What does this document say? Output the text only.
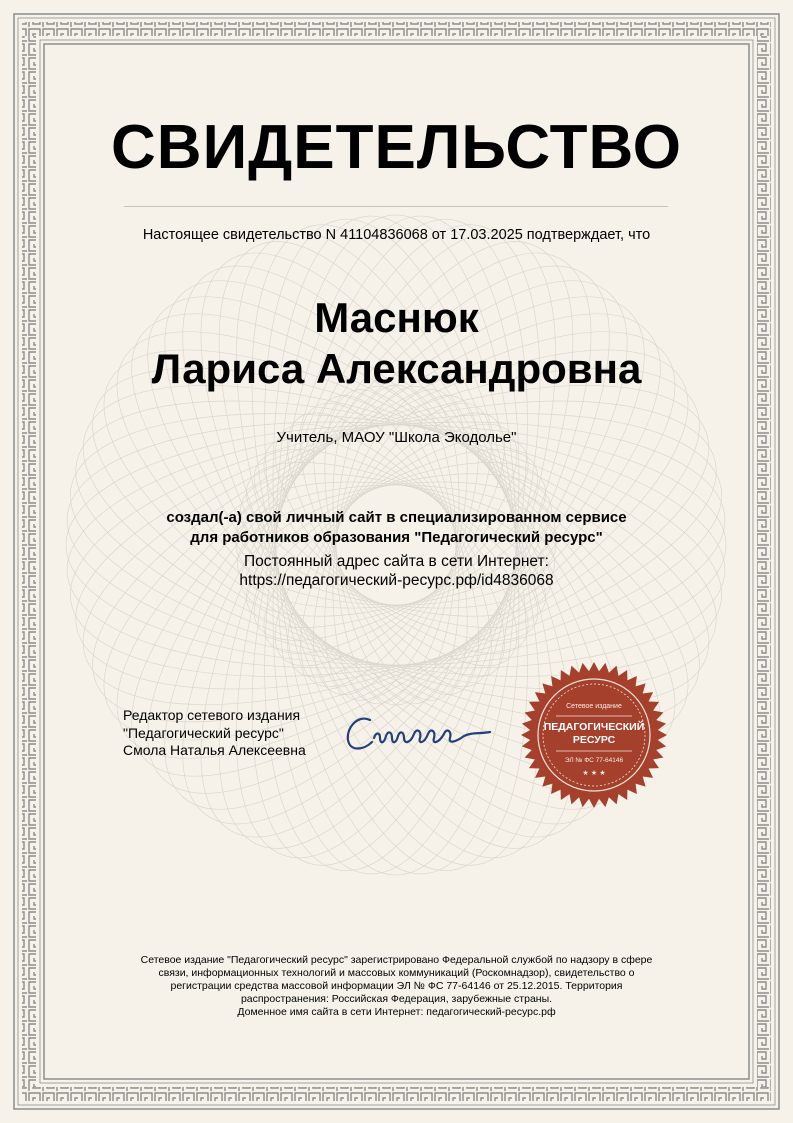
СВИДЕТЕЛЬСТВО
Настоящее свидетельство N 41104836068 от 17.03.2025 подтверждает, что
Маснюк
Лариса Александровна
Учитель, МАОУ "Школа Экодолье"
создал(-а) свой личный сайт в специализированном сервисе
для работников образования "Педагогический ресурс"
Постоянный адрес сайта в сети Интернет:
https://педагогический-ресурс.рф/id4836068
Редактор сетевого издания
"Педагогический ресурс"
Смола Наталья Алексеевна
Сетевое издание
ПЕДАГОГИЧЕСКИЙ
РЕСУРС
ЭЛ № ФС 77-64146
★ ★ ★
Сетевое издание "Педагогический ресурс" зарегистрировано Федеральной службой по надзору в сфере
связи, информационных технологий и массовых коммуникаций (Роскомнадзор), свидетельство о
регистрации средства массовой информации ЭЛ № ФС 77-64146 от 25.12.2015. Территория
распространения: Российская Федерация, зарубежные страны.
Доменное имя сайта в сети Интернет: педагогический-ресурс.рф
